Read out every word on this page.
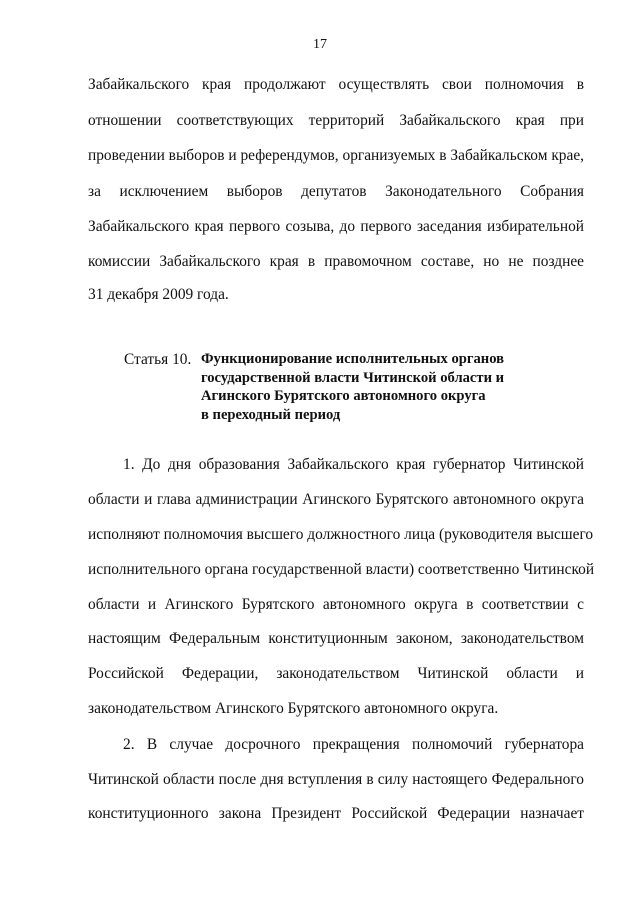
17
Забайкальского края продолжают осуществлять свои полномочия в
отношении соответствующих территорий Забайкальского края при
проведении выборов и референдумов, организуемых в Забайкальском крае,
за исключением выборов депутатов Законодательного Собрания
Забайкальского края первого созыва, до первого заседания избирательной
комиссии Забайкальского края в правомочном составе, но не позднее
31 декабря 2009 года.
Статья 10. Функционирование исполнительных органов
государственной власти Читинской области и
Агинского Бурятского автономного округа
в переходный период
1. До дня образования Забайкальского края губернатор Читинской
области и глава администрации Агинского Бурятского автономного округа
исполняют полномочия высшего должностного лица (руководителя высшего
исполнительного органа государственной власти) соответственно Читинской
области и Агинского Бурятского автономного округа в соответствии с
настоящим Федеральным конституционным законом, законодательством
Российской Федерации, законодательством Читинской области и
законодательством Агинского Бурятского автономного округа.
2. В случае досрочного прекращения полномочий губернатора
Читинской области после дня вступления в силу настоящего Федерального
конституционного закона Президент Российской Федерации назначает
